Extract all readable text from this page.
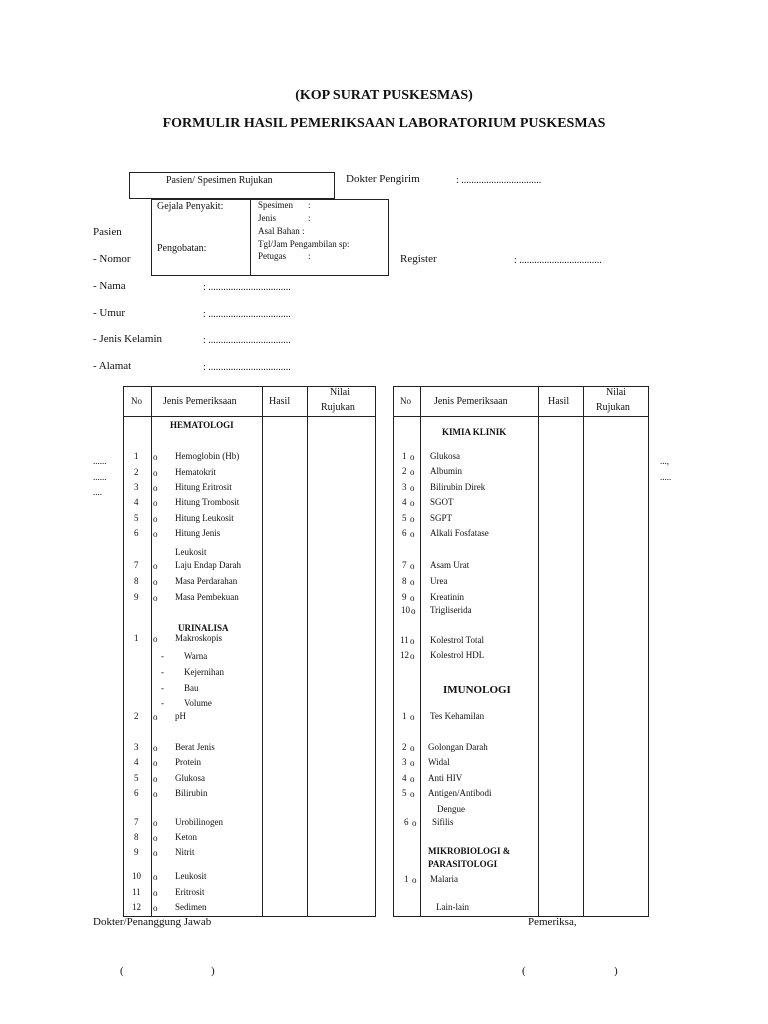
(KOP SURAT PUSKESMAS)
FORMULIR HASIL PEMERIKSAAN LABORATORIUM PUSKESMAS
Pasien/ Spesimen Rujukan
Gejala Penyakit:
Pengobatan:
Spesimen :
Jenis	:
Asal Bahan :
Tgl/Jam Pengambilan sp:
Petugas :
Dokter Pengirim	: ................................
Register	: .................................
Pasien
- Nomor
- Nama	: .................................
- Umur	: .................................
- Jenis Kelamin	: .................................
- Alamat	: .................................
......
......
....
...,
.....
No Jenis Pemeriksaan	Hasil
Nilai
Rujukan
HEMATOLOGI
URINALISA
1 o Hemoglobin (Hb)
2 o Hematokrit
3 o Hitung Eritrosit
4 o Hitung Trombosit
5 o Hitung Leukosit
6 o Hitung Jenis
Leukosit
7 o Laju Endap Darah
8 o Masa Perdarahan
9 o Masa Pembekuan
1 o Makroskopis
- Warna
- Kejernihan
- Bau
- Volume
2 o pH
3 o Berat Jenis
4 o Protein
5 o Glukosa
6 o Bilirubin
7 o Urobilinogen
8 o Keton
9 o Nitrit
10 o Leukosit
11 o Eritrosit
12 o Sedimen
No Jenis Pemeriksaan	Hasil
Nilai
Rujukan
KIMIA KLINIK
IMUNOLOGI
MIKROBIOLOGI &
PARASITOLOGI
1 o Glukosa
2 o Albumin
3 o Bilirubin Direk
4 o SGOT
5 o SGPT
6 o Alkali Fosfatase
7 o Asam Urat
8 o Urea
9 o Kreatinin
10 o Trigliserida
11 o Kolestrol Total
12 o Kolestrol HDL
1 o Tes Kehamilan
2 o Golongan Darah
3 o Widal
4 o Anti HIV
5 o Antigen/Antibodi
Dengue
6 o Sifilis
1 o Malaria
Lain-lain
Dokter/Penanggung Jawab	Pemeriksa,
(	)	(	)
